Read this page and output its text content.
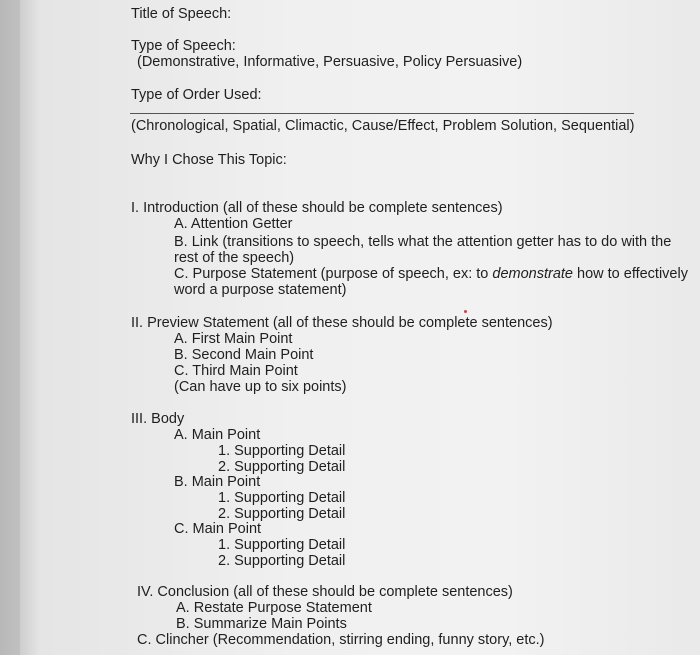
Title of Speech:
Type of Speech:
(Demonstrative, Informative, Persuasive, Policy Persuasive)
Type of Order Used:
(Chronological, Spatial, Climactic, Cause/Effect, Problem Solution, Sequential)
Why I Chose This Topic:
I. Introduction (all of these should be complete sentences)
A. Attention Getter
B. Link (transitions to speech, tells what the attention getter has to do with the
rest of the speech)
C. Purpose Statement (purpose of speech, ex: to demonstrate how to effectively
word a purpose statement)
II. Preview Statement (all of these should be complete sentences)
A. First Main Point
B. Second Main Point
C. Third Main Point
(Can have up to six points)
III. Body
A. Main Point
1. Supporting Detail
2. Supporting Detail
B. Main Point
1. Supporting Detail
2. Supporting Detail
C. Main Point
1. Supporting Detail
2. Supporting Detail
IV. Conclusion (all of these should be complete sentences)
A. Restate Purpose Statement
B. Summarize Main Points
C. Clincher (Recommendation, stirring ending, funny story, etc.)
